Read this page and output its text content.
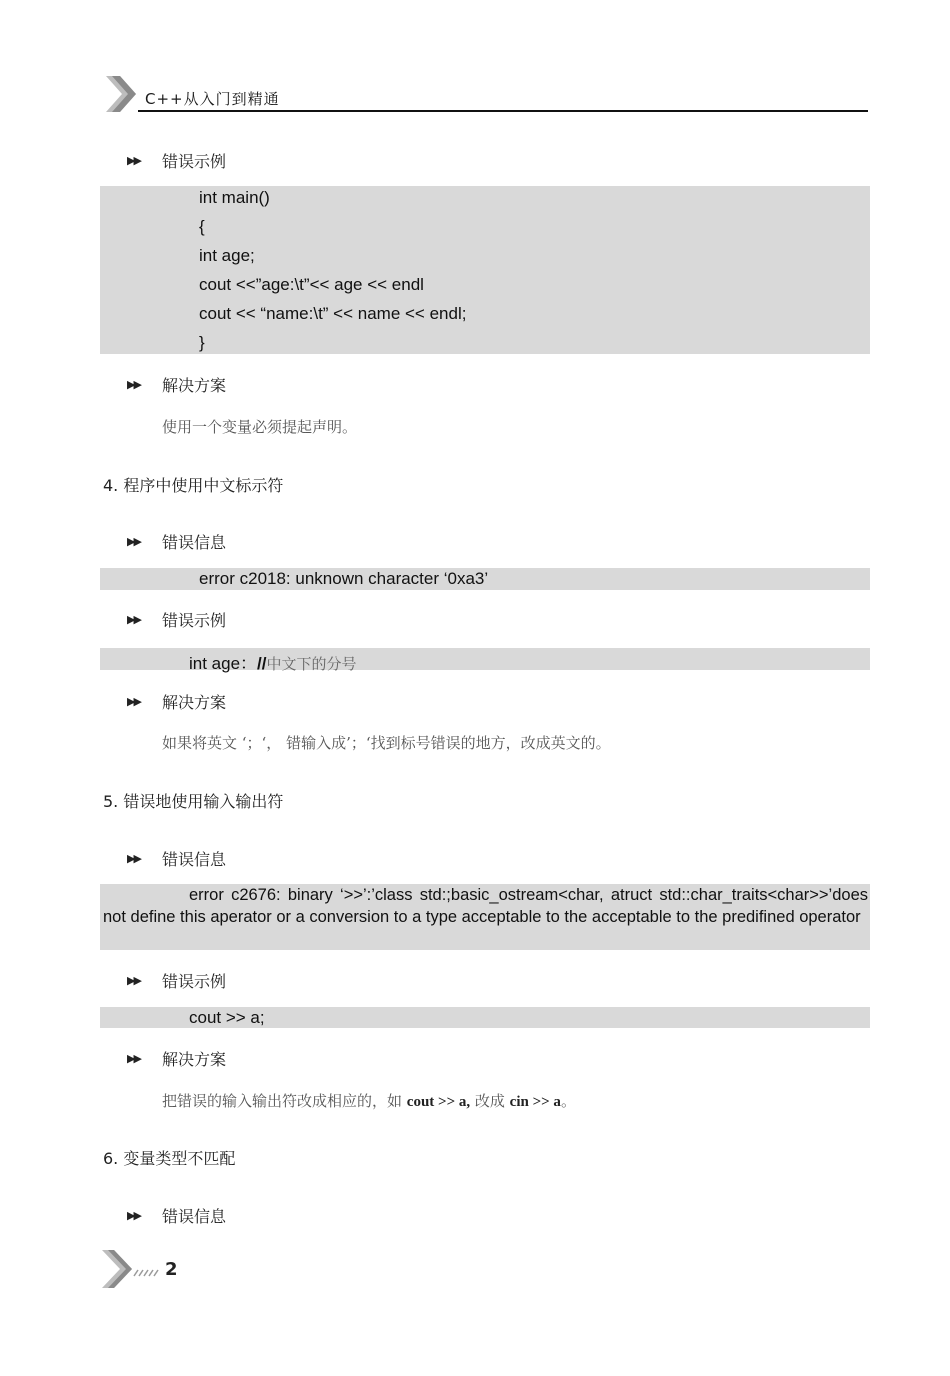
C++从入门到精通
▶▶ 错误示例
int main()
{
int age;
cout <<”age:\t”<< age << endl
cout << “name:\t” << name << endl;
}
▶▶ 解决方案
使用一个变量必须提起声明。
4. 程序中使用中文标示符
▶▶ 错误信息
error c2018: unknown character ‘0xa3’
▶▶ 错误示例
int age：//中文下的分号
▶▶ 解决方案
如果将英文 ‘；‘， 错输入成’；‘找到标号错误的地方，改成英文的。
5. 错误地使用输入输出符
▶▶ 错误信息
error c2676: binary ‘>>’:’class std:;basic_ostream<char, atruct std::char_traits<char>>’does not define this aperator or a conversion to a type acceptable to the acceptable to the predifined operator
▶▶ 错误示例
cout >> a;
▶▶ 解决方案
把错误的输入输出符改成相应的，如 cout >> a, 改成 cin >> a。
6. 变量类型不匹配
▶▶ 错误信息
2
